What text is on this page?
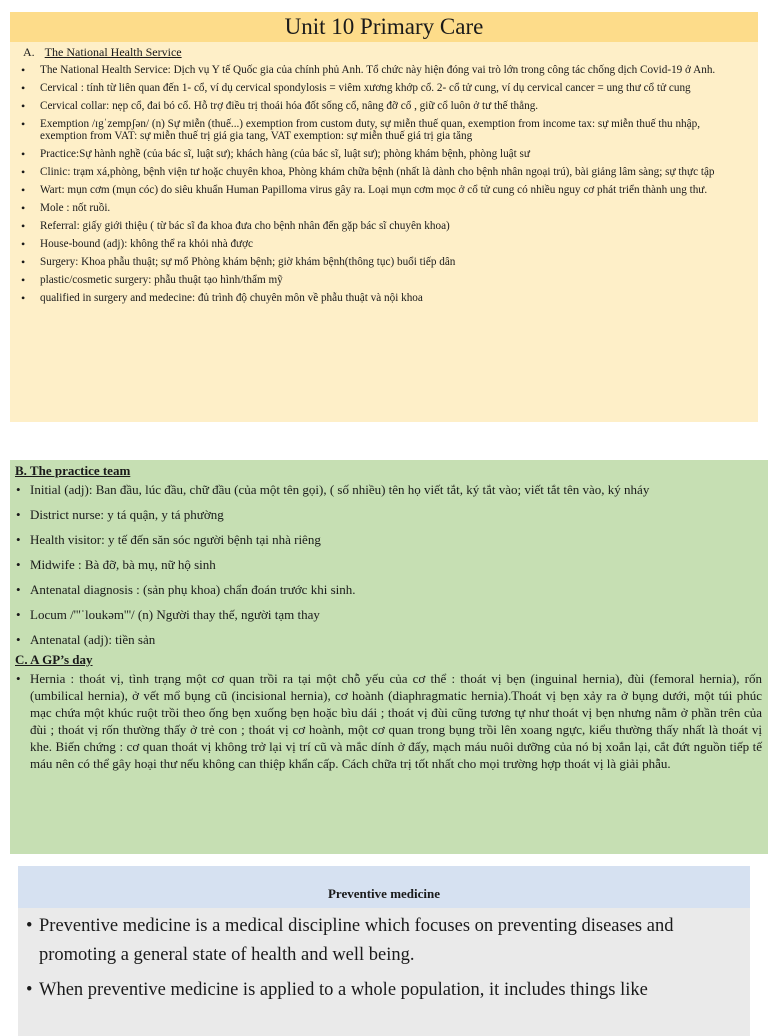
Unit 10 Primary Care
A. The National Health Service
• The National Health Service: Dịch vụ Y tế Quốc gia của chính phủ Anh. Tổ chức này hiện đóng vai trò lớn trong công tác chống dịch Covid-19 ở Anh.
• Cervical : tính từ liên quan đến 1- cổ, ví dụ cervical spondylosis = viêm xương khớp cổ. 2- cổ tử cung, ví dụ cervical cancer = ung thư cổ tử cung
• Cervical collar: nẹp cổ, đai bó cổ. Hỗ trợ điều trị thoái hóa đốt sống cổ, nâng đỡ cổ , giữ cổ luôn ở tư thế thẳng.
• Exemption /ɪgˈzempʃən/ (n) Sự miễn (thuế...) exemption from custom duty, sự miễn thuế quan, exemption from income tax: sự miễn thuế thu nhập, exemption from VAT: sự miễn thuế trị giá gia tang, VAT exemption: sự miễn thuế giá trị gia tăng
• Practice:Sự hành nghề (của bác sĩ, luật sư); khách hàng (của bác sĩ, luật sư); phòng khám bệnh, phòng luật sư
• Clinic: trạm xá,phòng, bệnh viện tư hoặc chuyên khoa, Phòng khám chữa bệnh (nhất là dành cho bệnh nhân ngoại trú), bài giảng lâm sàng; sự thực tập
• Wart: mụn cơm (mụn cóc) do siêu khuẩn Human Papilloma virus gây ra. Loại mụn cơm mọc ở cổ tử cung có nhiều nguy cơ phát triển thành ung thư.
• Mole : nốt ruồi.
• Referral: giấy giới thiệu ( từ bác sĩ đa khoa đưa cho bệnh nhân đến gặp bác sĩ chuyên khoa)
• House-bound (adj): không thể ra khỏi nhà được
• Surgery: Khoa phẫu thuật; sự mổ Phòng khám bệnh; giờ khám bệnh(thông tục) buổi tiếp dân
• plastic/cosmetic surgery: phẫu thuật tạo hình/thẩm mỹ
• qualified in surgery and medecine: đủ trình độ chuyên môn về phẫu thuật và nội khoa
B. The practice team
• Initial (adj): Ban đầu, lúc đầu, chữ đầu (của một tên gọi), ( số nhiều) tên họ viết tắt, ký tắt vào; viết tắt tên vào, ký nháy
• District nurse: y tá quận, y tá phường
• Health visitor: y tế đến săn sóc người bệnh tại nhà riêng
• Midwife : Bà đỡ, bà mụ, nữ hộ sinh
• Antenatal diagnosis : (sản phụ khoa) chẩn đoán trước khi sinh.
• Locum /'''ˈloukəm'''/ (n) Người thay thế, người tạm thay
• Antenatal (adj): tiền sản
C. A GP’s day
• Hernia : thoát vị, tình trạng một cơ quan trồi ra tại một chỗ yếu của cơ thể : thoát vị bẹn (inguinal hernia), đùi (femoral hernia), rốn (umbilical hernia), ở vết mổ bụng cũ (incisional hernia), cơ hoành (diaphragmatic hernia).Thoát vị bẹn xảy ra ở bụng dưới, một túi phúc mạc chứa một khúc ruột trồi theo ống bẹn xuống bẹn hoặc bìu dái ; thoát vị đùi cũng tương tự như thoát vị bẹn nhưng nằm ở phần trên của đùi ; thoát vị rốn thường thấy ở trẻ con ; thoát vị cơ hoành, một cơ quan trong bụng trồi lên xoang ngực, kiểu thường thấy nhất là thoát vị khe. Biến chứng : cơ quan thoát vị không trở lại vị trí cũ và mắc dính ở đấy, mạch máu nuôi dưỡng của nó bị xoắn lại, cắt đứt nguồn tiếp tế máu nên có thể gây hoại thư nếu không can thiệp khẩn cấp. Cách chữa trị tốt nhất cho mọi trường hợp thoát vị là giải phẫu.
Preventive medicine
• Preventive medicine is a medical discipline which focuses on preventing diseases and promoting a general state of health and well being.
• When preventive medicine is applied to a whole population, it includes things like
